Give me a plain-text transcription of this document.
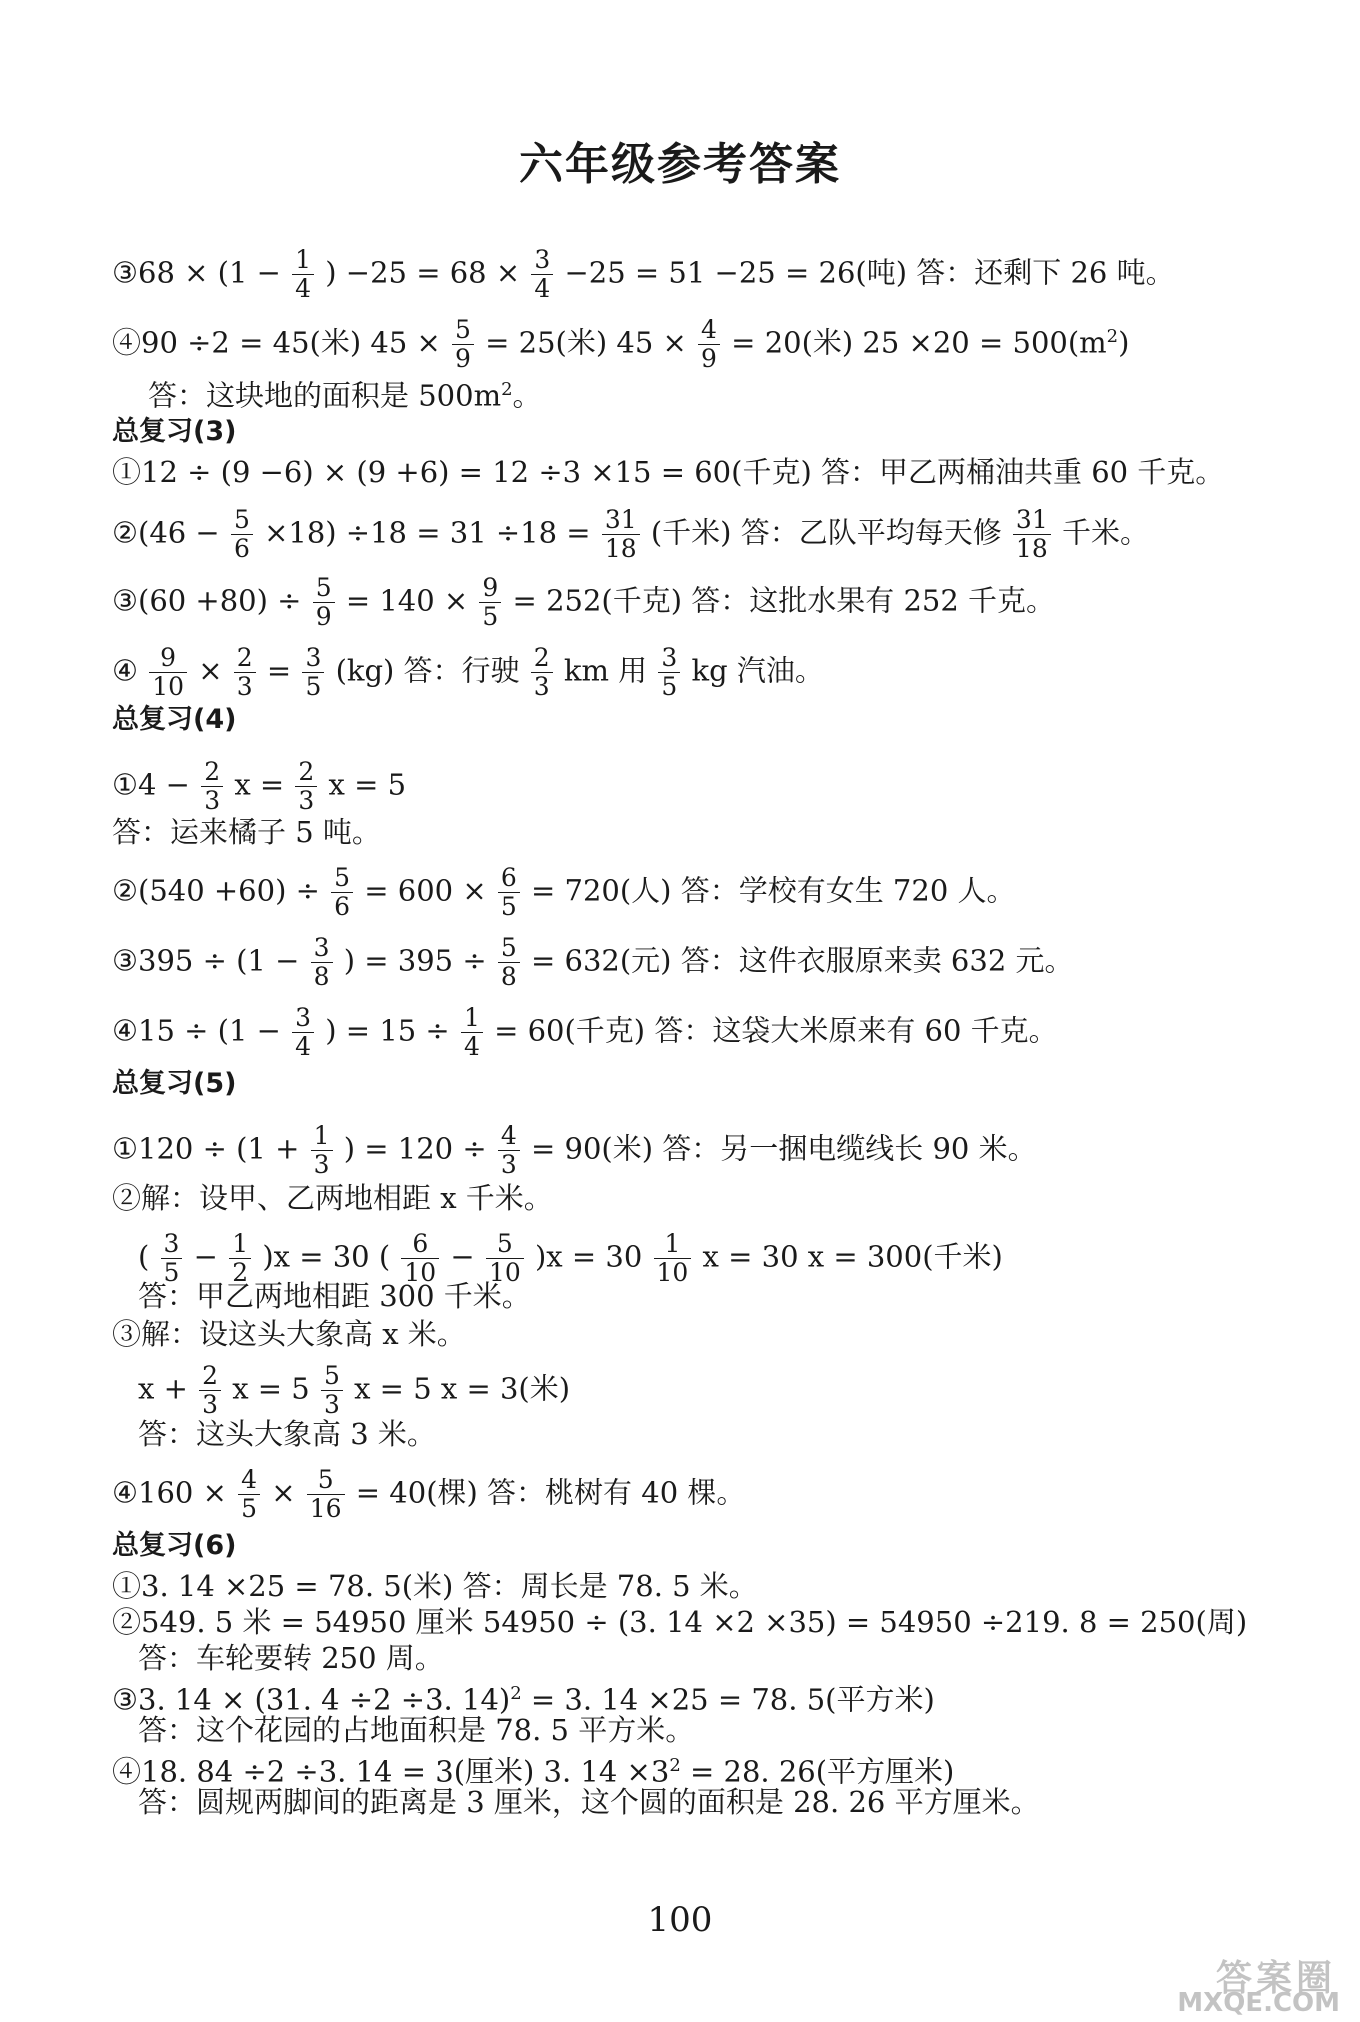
六年级参考答案
③68 × ($1 - \frac{1}{4}$ ) $-25 = 68 \times \frac{3}{4} -25 = 51 -25 = 26$(吨) 答：还剩下 26 吨。
④90 ÷2 = 45(米) $45 \times \frac{5}{9} = 25$(米) $45 \times \frac{4}{9} = 20$(米) $25 \times 20 = 500(m^2)$
答：这块地的面积是 $500m^2$。
总复习(3)
①12 ÷ (9 −6) × (9 +6) = 12 ÷3 ×15 = 60(千克) 答：甲乙两桶油共重 60 千克。
②(46 − $\frac{5}{6} \times 18) \div 18 = 31 \div 18 = \frac{31}{18}$ (千米) 答：乙队平均每天修 $\frac{31}{18}$ 千米。
③(60 $+80) \div \frac{5}{9} = 140 \times \frac{9}{5} = 252$(千克) 答：这批水果有 252 千克。
④ $\frac{9}{10} \times \frac{2}{3} = \frac{3}{5} (kg)$ 答：行驶 $\frac{2}{3}$ km 用 $\frac{3}{5}$ kg 汽油。
总复习(4)
①4 − $\frac{2}{3}$ $x = \frac{2}{3}$ x = 5
答：运来橘子 5 吨。
②(540 $+60) \div \frac{5}{6} = 600 \times \frac{6}{5} = 720$(人) 答：学校有女生 720 人。
③395 ÷ ($1 - \frac{3}{8}$ ) = $395 \div \frac{5}{8} = 632$(元) 答：这件衣服原来卖 632 元。
④15 ÷ ($1 - \frac{3}{4}$ ) = $15 \div \frac{1}{4} = 60$(千克) 答：这袋大米原来有 60 千克。
总复习(5)
①120 ÷ ($1 + \frac{1}{3}$ ) = $120 \div \frac{4}{3} = 90$(米) 答：另一捆电缆线长 90 米。
②解：设甲、乙两地相距 x 千米。
( $\frac{3}{5} - \frac{1}{2} )x = 30$ ( $\frac{6}{10} - \frac{5}{10} )x = 30 \frac{1}{10}$ x = 30 x = 300(千米)
答：甲乙两地相距 300 千米。
③解：设这头大象高 x 米。
$x + \frac{2}{3}$ $x = 5 \frac{5}{3}$ x = 5 x = 3(米)
答：这头大象高 3 米。
④160 × $\frac{4}{5} \times \frac{5}{16} = 40$(棵) 答：桃树有 40 棵。
总复习(6)
①3. 14 ×25 = 78. 5(米) 答：周长是 78. 5 米。
②549. 5 米 = 54950 厘米 54950 ÷ (3. 14 ×2 ×35) = 54950 ÷219. 8 = 250(周)
答：车轮要转 250 周。
③3. 14 × (31. 4 ÷2 ÷3. 14)$^2$ = 3. 14 ×25 = 78. 5(平方米)
答：这个花园的占地面积是 78. 5 平方米。
④18. 84 ÷2 ÷3. 14 = 3(厘米) 3. $14 \times 3^2 = 28$. 26(平方厘米)
答：圆规两脚间的距离是 3 厘米，这个圆的面积是 28. 26 平方厘米。
100
答案圈
MXQE.COM
